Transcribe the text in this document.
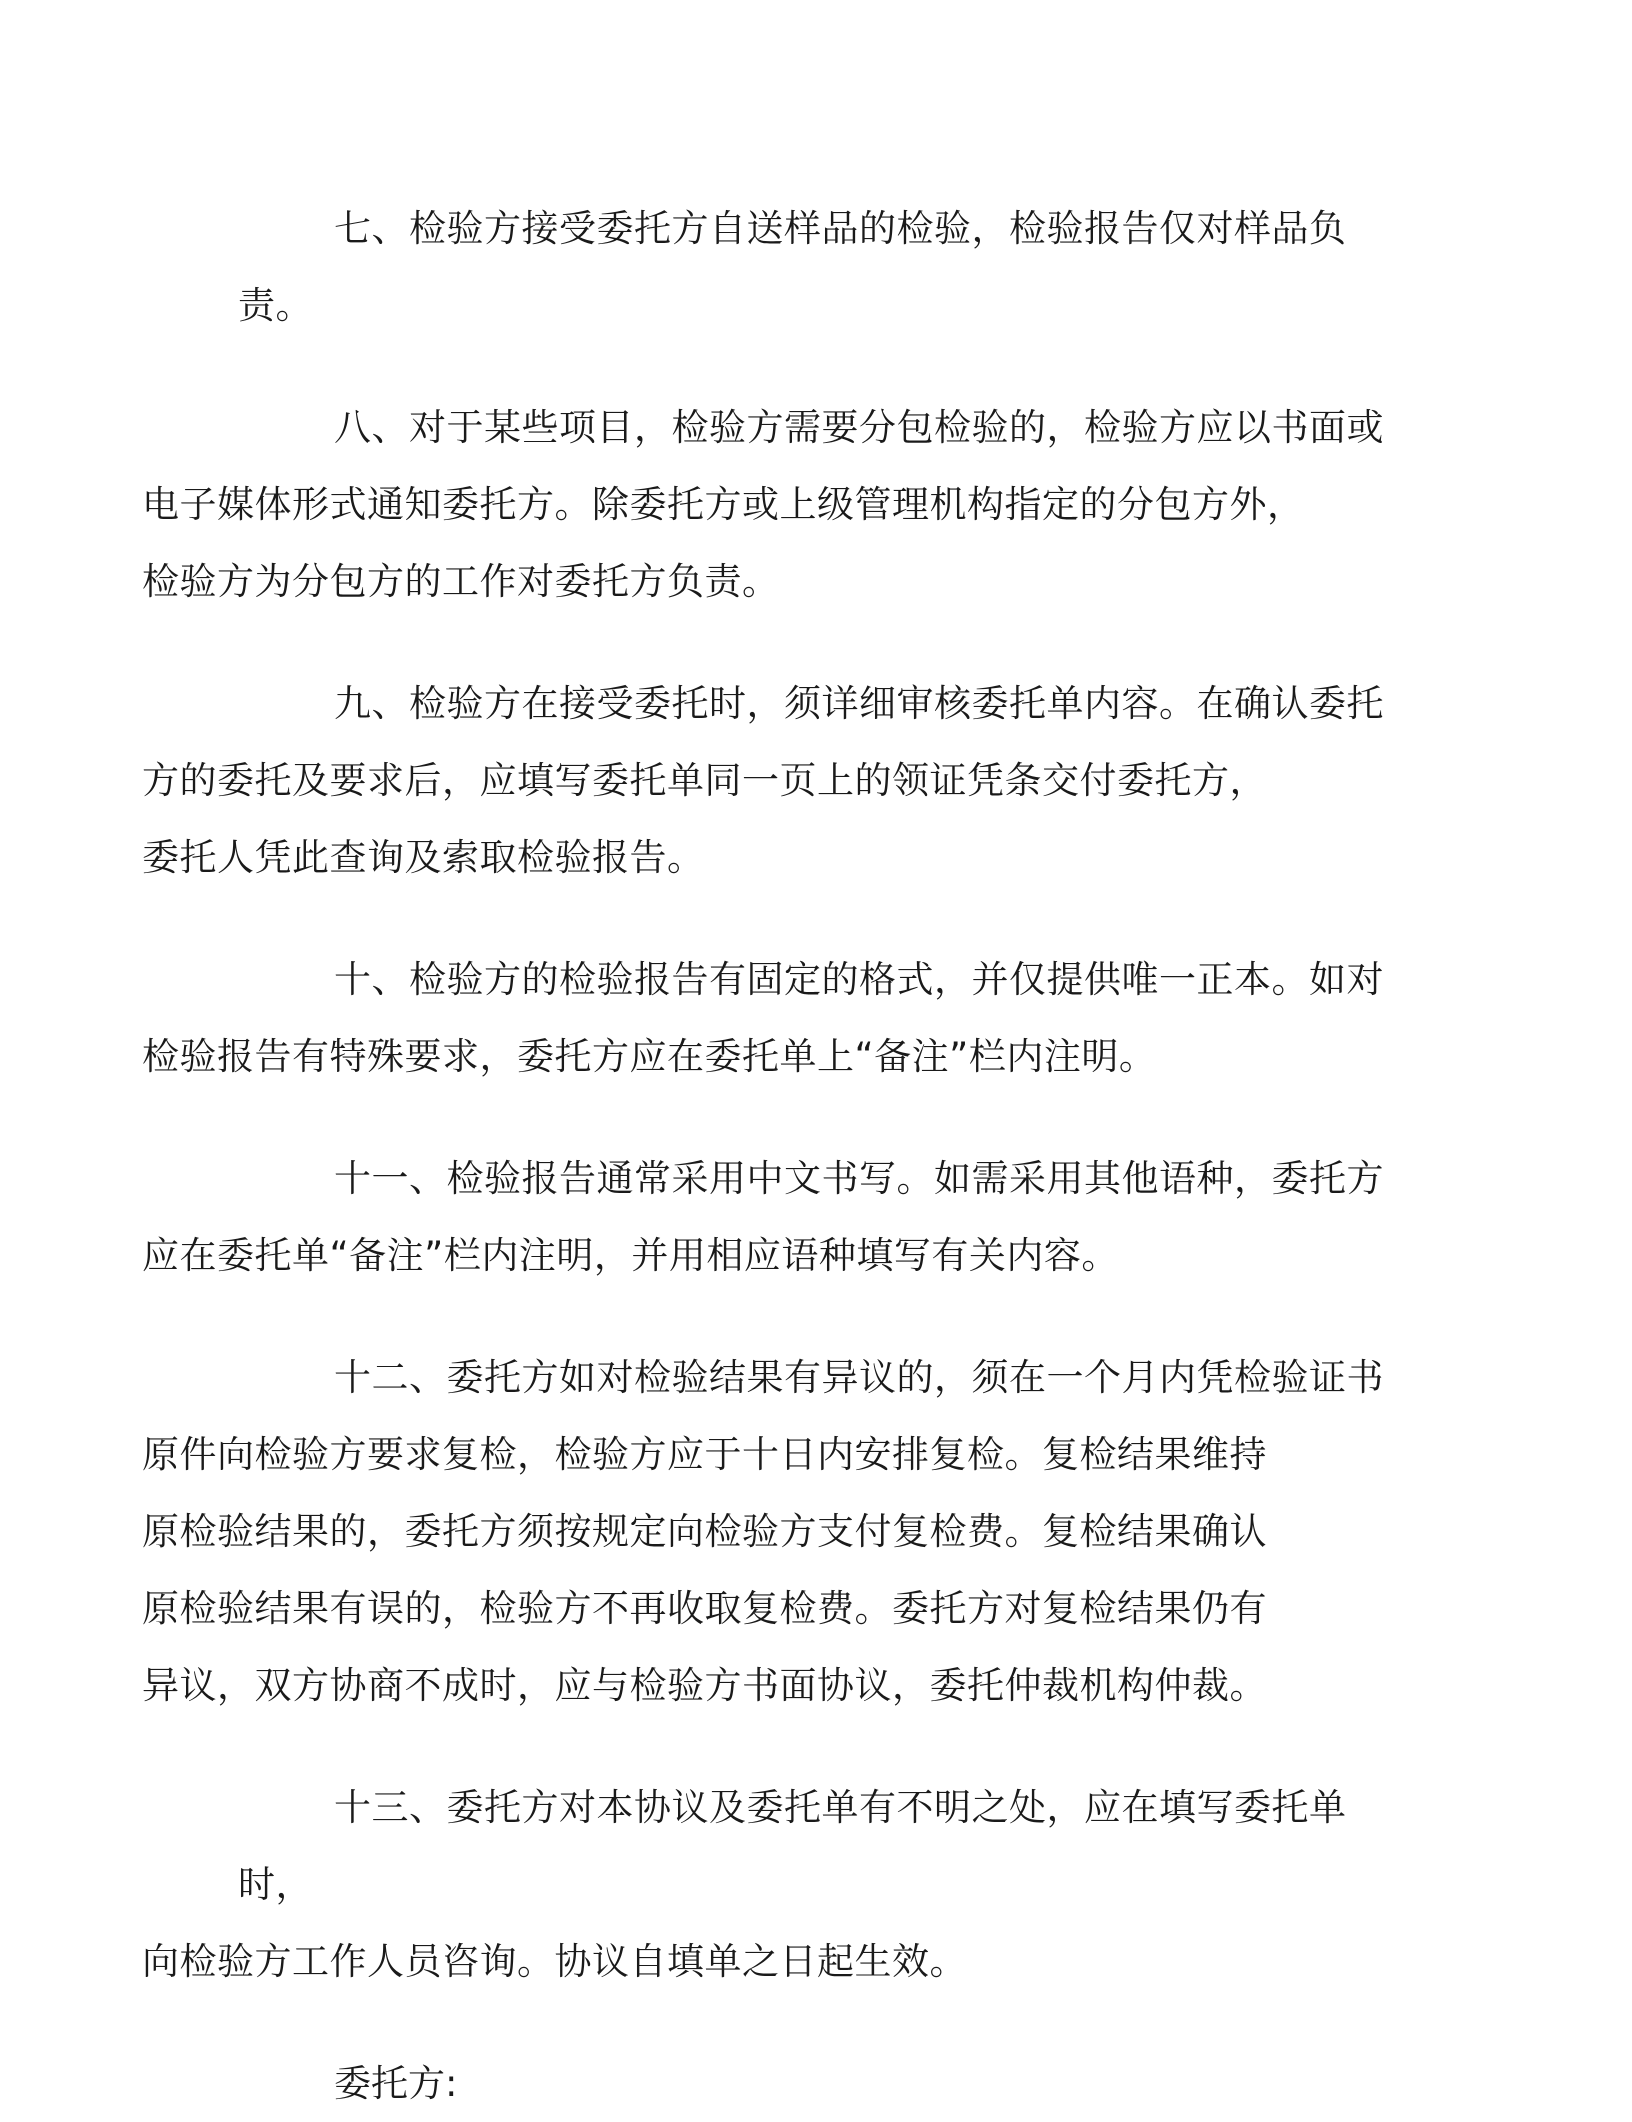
七、检验方接受委托方自送样品的检验，检验报告仅对样品负责。

八、对于某些项目，检验方需要分包检验的，检验方应以书面或
电子媒体形式通知委托方。除委托方或上级管理机构指定的分包方外，
检验方为分包方的工作对委托方负责。

九、检验方在接受委托时，须详细审核委托单内容。在确认委托
方的委托及要求后，应填写委托单同一页上的领证凭条交付委托方，
委托人凭此查询及索取检验报告。

十、检验方的检验报告有固定的格式，并仅提供唯一正本。如对
检验报告有特殊要求，委托方应在委托单上“备注”栏内注明。

十一、检验报告通常采用中文书写。如需采用其他语种，委托方
应在委托单“备注”栏内注明，并用相应语种填写有关内容。

十二、委托方如对检验结果有异议的，须在一个月内凭检验证书
原件向检验方要求复检，检验方应于十日内安排复检。复检结果维持
原检验结果的，委托方须按规定向检验方支付复检费。复检结果确认
原检验结果有误的，检验方不再收取复检费。委托方对复检结果仍有
异议，双方协商不成时，应与检验方书面协议，委托仲裁机构仲裁。

十三、委托方对本协议及委托单有不明之处，应在填写委托单时，
向检验方工作人员咨询。协议自填单之日起生效。

委托方:
